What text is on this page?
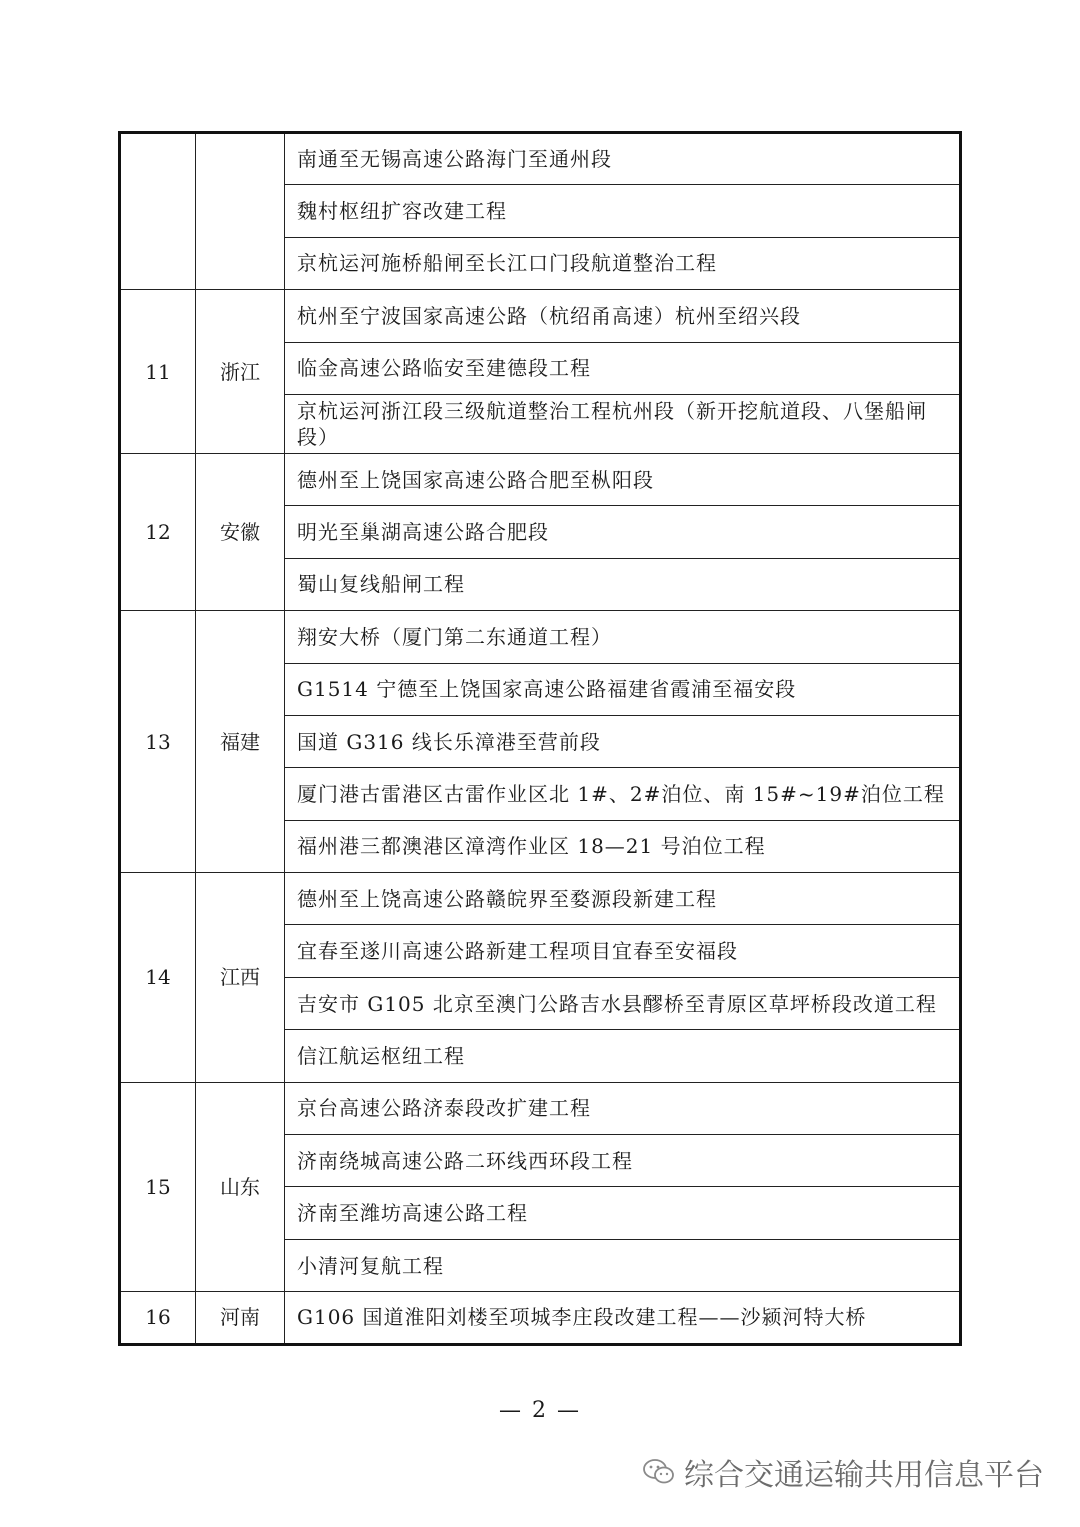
		南通至无锡高速公路海门至通州段
		魏村枢纽扩容改建工程
		京杭运河施桥船闸至长江口门段航道整治工程
11	浙江	杭州至宁波国家高速公路（杭绍甬高速）杭州至绍兴段
		临金高速公路临安至建德段工程
		京杭运河浙江段三级航道整治工程杭州段（新开挖航道段、八堡船闸段）
12	安徽	德州至上饶国家高速公路合肥至枞阳段
		明光至巢湖高速公路合肥段
		蜀山复线船闸工程
13	福建	翔安大桥（厦门第二东通道工程）
		G1514 宁德至上饶国家高速公路福建省霞浦至福安段
		国道 G316 线长乐漳港至营前段
		厦门港古雷港区古雷作业区北 1#、2#泊位、南 15#~19#泊位工程
		福州港三都澳港区漳湾作业区 18—21 号泊位工程
14	江西	德州至上饶高速公路赣皖界至婺源段新建工程
		宜春至遂川高速公路新建工程项目宜春至安福段
		吉安市 G105 北京至澳门公路吉水县醪桥至青原区草坪桥段改道工程
		信江航运枢纽工程
15	山东	京台高速公路济泰段改扩建工程
		济南绕城高速公路二环线西环段工程
		济南至潍坊高速公路工程
		小清河复航工程
16	河南	G106 国道淮阳刘楼至项城李庄段改建工程——沙颍河特大桥
— 2 —
综合交通运输共用信息平台
